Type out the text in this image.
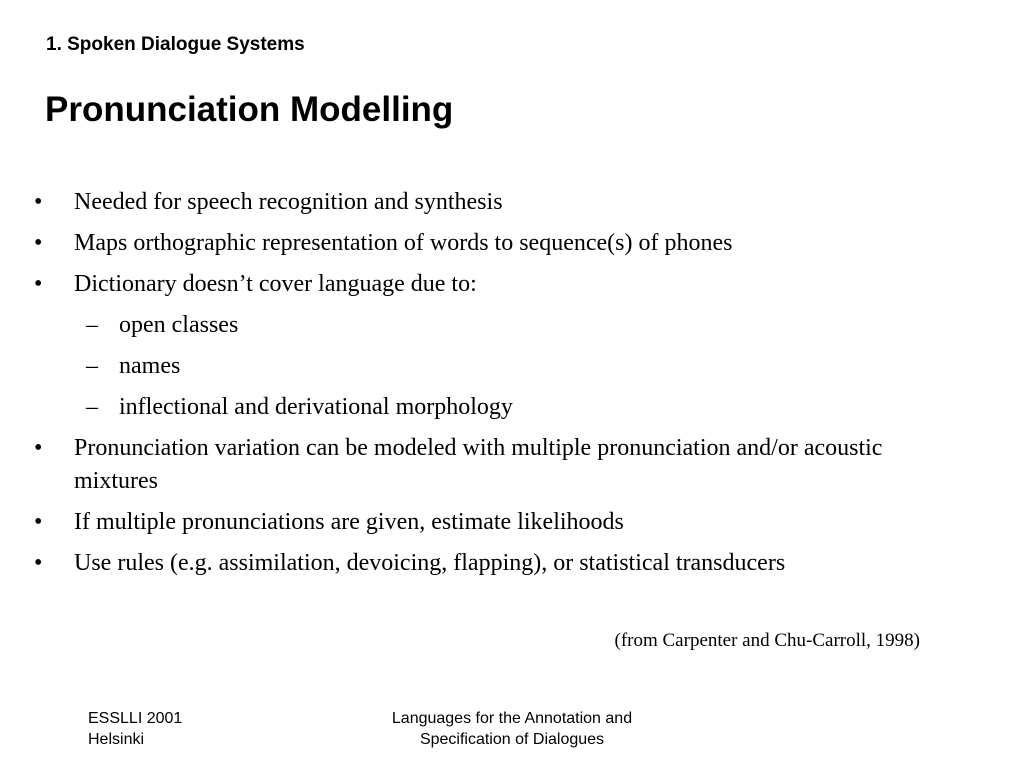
1. Spoken Dialogue Systems
Pronunciation Modelling
• Needed for speech recognition and synthesis
• Maps orthographic representation of words to sequence(s) of phones
• Dictionary doesn’t cover language due to:
– open classes
– names
– inflectional and derivational morphology
• Pronunciation variation can be modeled with multiple pronunciation and/or acoustic mixtures
• If multiple pronunciations are given, estimate likelihoods
• Use rules (e.g. assimilation, devoicing, flapping), or statistical transducers
(from Carpenter and Chu-Carroll, 1998)
ESSLLI 2001
Helsinki
Languages for the Annotation and
Specification of Dialogues
